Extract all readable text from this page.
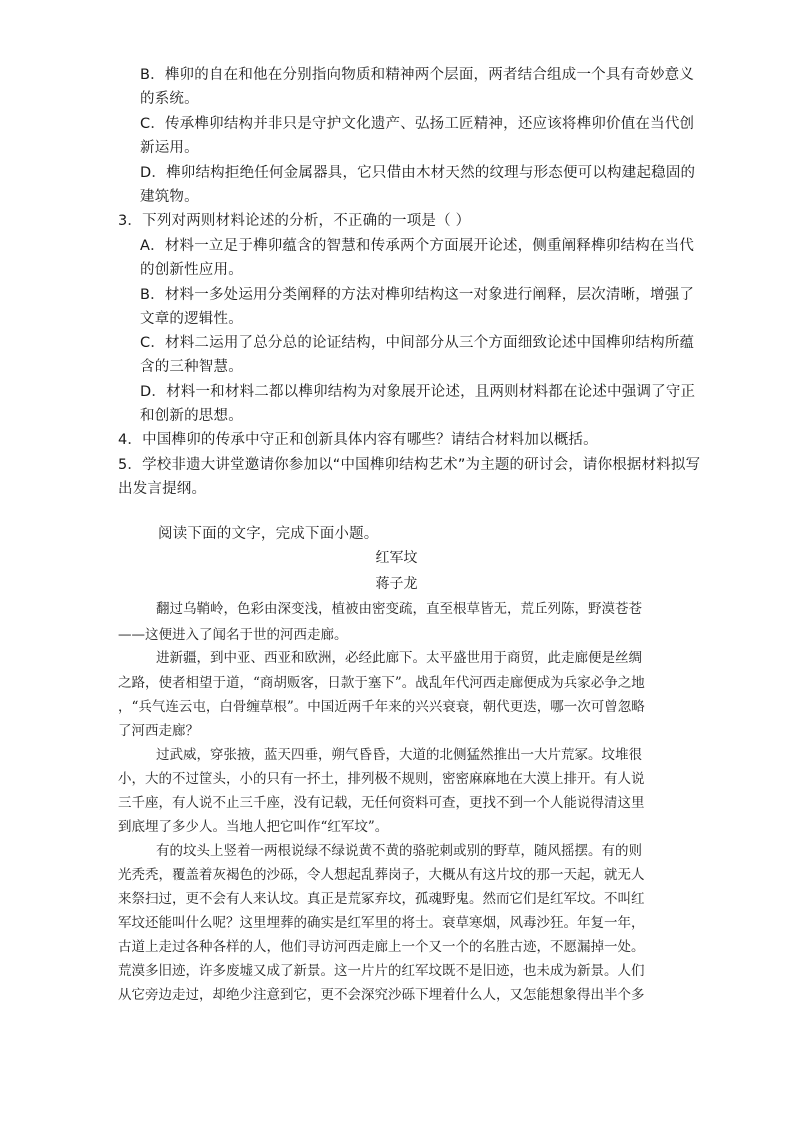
B．榫卯的自在和他在分别指向物质和精神两个层面，两者结合组成一个具有奇妙意义
的系统。
C．传承榫卯结构并非只是守护文化遗产、弘扬工匠精神，还应该将榫卯价值在当代创
新运用。
D．榫卯结构拒绝任何金属器具，它只借由木材天然的纹理与形态便可以构建起稳固的
建筑物。
3．下列对两则材料论述的分析，不正确的一项是（ ）
A．材料一立足于榫卯蕴含的智慧和传承两个方面展开论述，侧重阐释榫卯结构在当代
的创新性应用。
B．材料一多处运用分类阐释的方法对榫卯结构这一对象进行阐释，层次清晰，增强了
文章的逻辑性。
C．材料二运用了总分总的论证结构，中间部分从三个方面细致论述中国榫卯结构所蕴
含的三种智慧。
D．材料一和材料二都以榫卯结构为对象展开论述，且两则材料都在论述中强调了守正
和创新的思想。
4．中国榫卯的传承中守正和创新具体内容有哪些？请结合材料加以概括。
5．学校非遗大讲堂邀请你参加以“中国榫卯结构艺术”为主题的研讨会，请你根据材料拟写
出发言提纲。
阅读下面的文字，完成下面小题。
红军坟
蒋子龙
翻过乌鞘岭，色彩由深变浅，植被由密变疏，直至根草皆无，荒丘列陈，野漠苍苍
——这便进入了闻名于世的河西走廊。
进新疆，到中亚、西亚和欧洲，必经此廊下。太平盛世用于商贸，此走廊便是丝绸
之路，使者相望于道，“商胡贩客，日款于塞下”。战乱年代河西走廊便成为兵家必争之地
，“兵气连云屯，白骨缠草根”。中国近两千年来的兴兴衰衰，朝代更迭，哪一次可曾忽略
了河西走廊？
过武威，穿张掖，蓝天四垂，朔气昏昏，大道的北侧猛然推出一大片荒冢。坟堆很
小，大的不过筐头，小的只有一抔土，排列极不规则，密密麻麻地在大漠上排开。有人说
三千座，有人说不止三千座，没有记载，无任何资料可查，更找不到一个人能说得清这里
到底埋了多少人。当地人把它叫作“红军坟”。
有的坟头上竖着一两根说绿不绿说黄不黄的骆驼刺或别的野草，随风摇摆。有的则
光秃秃，覆盖着灰褐色的沙砾，令人想起乱葬岗子，大概从有这片坟的那一天起，就无人
来祭扫过，更不会有人来认坟。真正是荒冢弃坟，孤魂野鬼。然而它们是红军坟。不叫红
军坟还能叫什么呢？这里埋葬的确实是红军里的将士。衰草寒烟，风毒沙狂。年复一年，
古道上走过各种各样的人，他们寻访河西走廊上一个又一个的名胜古迹，不愿漏掉一处。
荒漠多旧迹，许多废墟又成了新景。这一片片的红军坟既不是旧迹，也未成为新景。人们
从它旁边走过，却绝少注意到它，更不会深究沙砾下埋着什么人，又怎能想象得出半个多
